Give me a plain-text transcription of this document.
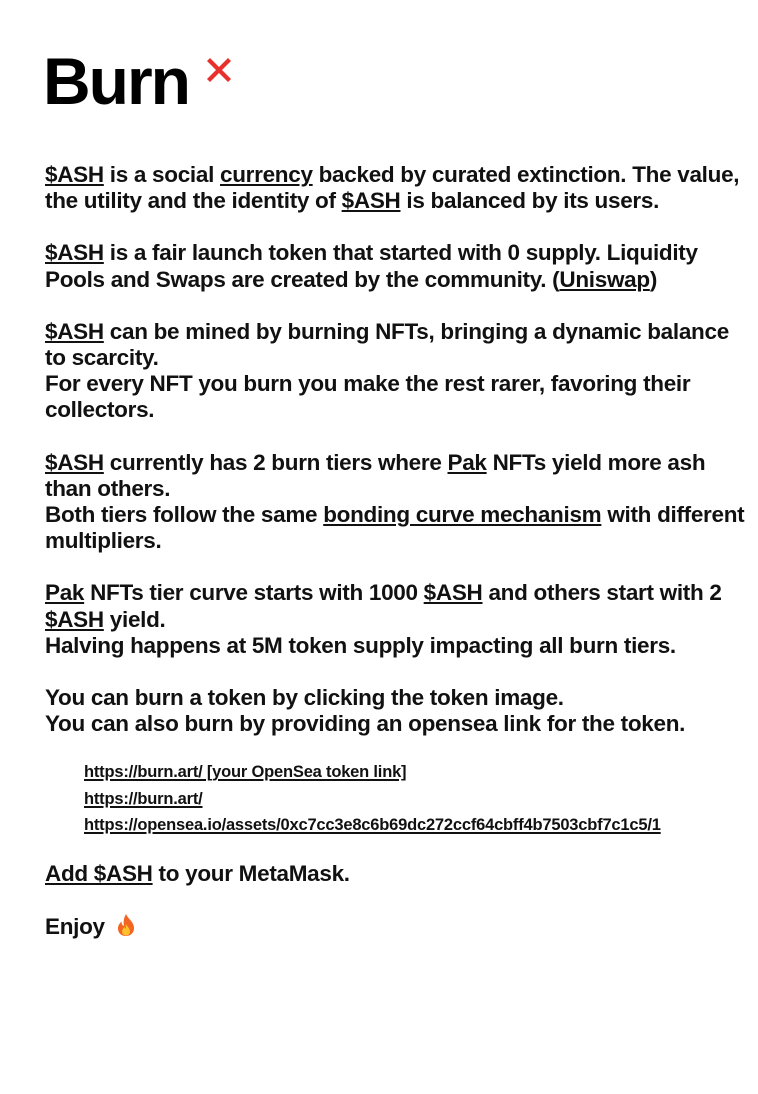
Burn

$ASH is a social currency backed by curated extinction. The value, the utility and the identity of $ASH is balanced by its users.

$ASH is a fair launch token that started with 0 supply. Liquidity Pools and Swaps are created by the community. (Uniswap)

$ASH can be mined by burning NFTs, bringing a dynamic balance to scarcity.
For every NFT you burn you make the rest rarer, favoring their collectors.

$ASH currently has 2 burn tiers where Pak NFTs yield more ash than others.
Both tiers follow the same bonding curve mechanism with different multipliers.

Pak NFTs tier curve starts with 1000 $ASH and others start with 2 $ASH yield.
Halving happens at 5M token supply impacting all burn tiers.

You can burn a token by clicking the token image.
You can also burn by providing an opensea link for the token.

https://burn.art/ [your OpenSea token link]
https://burn.art/
https://opensea.io/assets/0xc7cc3e8c6b69dc272ccf64cbff4b7503cbf7c1c5/1

Add $ASH to your MetaMask.

Enjoy
